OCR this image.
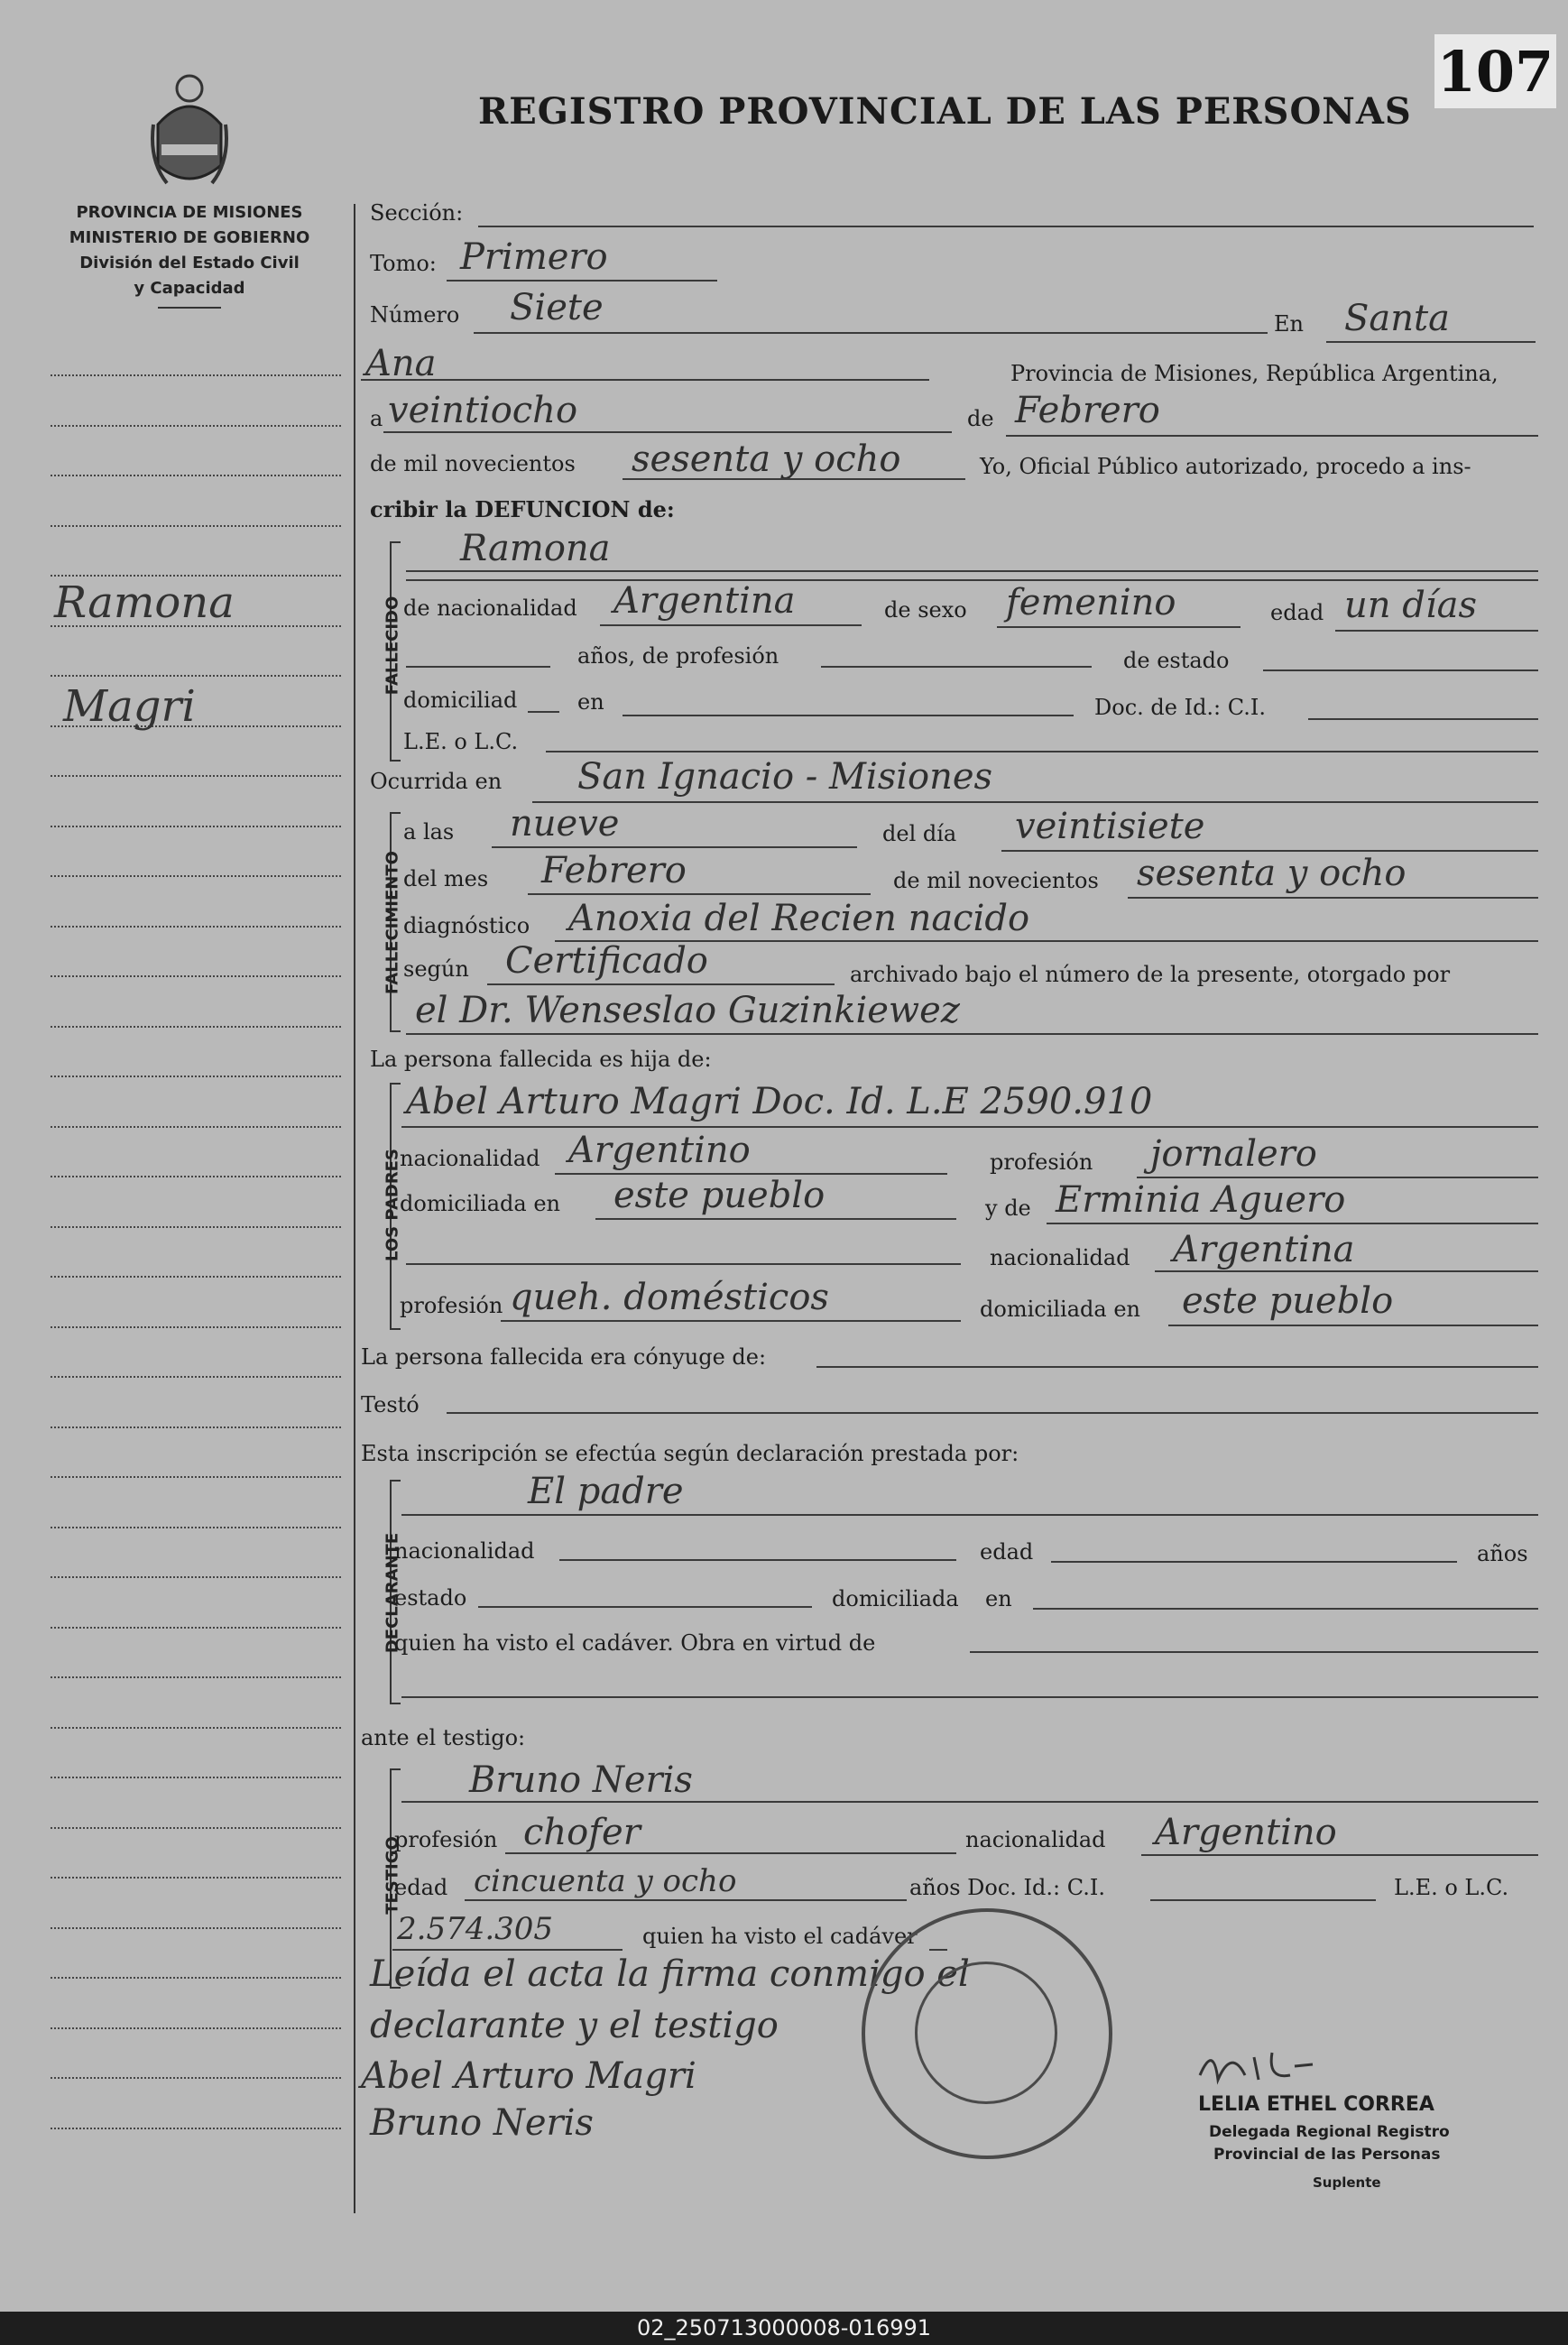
107
REGISTRO PROVINCIAL DE LAS PERSONAS
PROVINCIA DE MISIONES
MINISTERIO DE GOBIERNO
División del Estado Civil
y Capacidad
Ramona
Magri
Sección:
Tomo: Primero
Número Siete	En Santa
Ana	Provincia de Misiones, República Argentina,
a veintiocho	de Febrero
de mil novecientos sesenta y ocho	Yo, Oficial Público autorizado, procedo a ins-
cribir la DEFUNCION de:
FALLECIDO
Ramona
de nacionalidad Argentina	de sexo femenino	edad un días
años, de profesión	de estado
domiciliad	en	Doc. de Id.: C.I.
L.E. o L.C.
Ocurrida en San Ignacio - Misiones
FALLECIMIENTO
a las nueve	del día veintisiete
del mes Febrero	de mil novecientos sesenta y ocho
diagnóstico Anoxia del Recien nacido
según Certificado	archivado bajo el número de la presente, otorgado por
el Dr. Wenseslao Guzinkiewez
La persona fallecida es hija de:
LOS PADRES
Abel Arturo Magri Doc. Id. L.E 2590.910
nacionalidad Argentino	profesión jornalero
domiciliada en este pueblo	y de Erminia Aguero
nacionalidad Argentina
profesión queh. domésticos	domiciliada en este pueblo
La persona fallecida era cónyuge de:
Testó
Esta inscripción se efectúa según declaración prestada por:
DECLARANTE
El padre
nacionalidad	edad	años
estado	domiciliada en
quien ha visto el cadáver. Obra en virtud de
ante el testigo:
TESTIGO
Bruno Neris
profesión chofer	nacionalidad Argentino
edad cincuenta y ocho	años Doc. Id.: C.I.	L.E. o L.C.
2.574.305	quien ha visto el cadáver
Leída el acta la firma conmigo el
declarante y el testigo
Abel Arturo Magri
Bruno Neris	LELIA ETHEL CORREA
Delegada Regional Registro
Provincial de las Personas
Suplente
02_250713000008-016991
